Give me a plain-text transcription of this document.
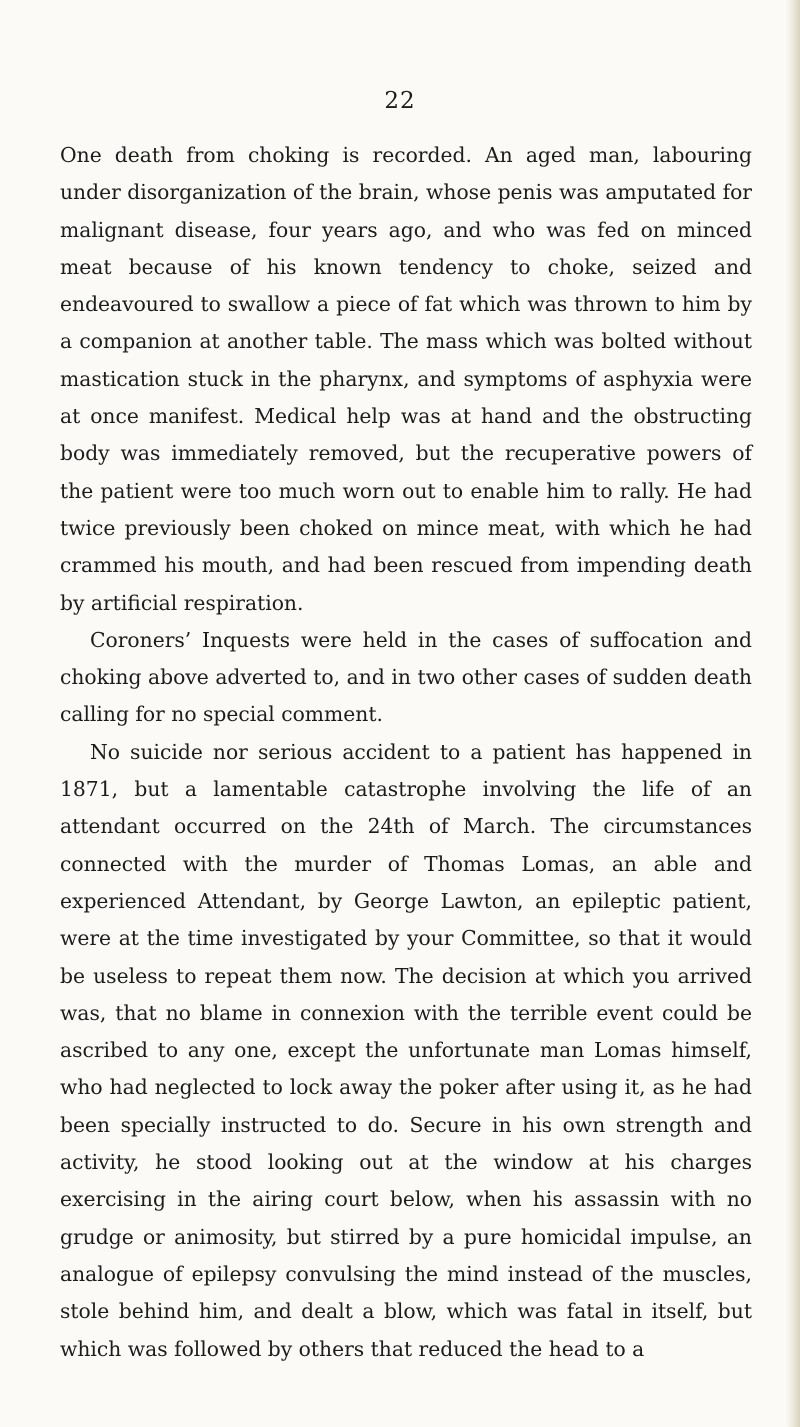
22

One death from choking is recorded. An aged man, labouring under disorganization of the brain, whose penis was amputated for malignant disease, four years ago, and who was fed on minced meat because of his known tendency to choke, seized and endeavoured to swallow a piece of fat which was thrown to him by a companion at another table. The mass which was bolted without mastication stuck in the pharynx, and symptoms of asphyxia were at once manifest. Medical help was at hand and the obstructing body was immediately removed, but the recuperative powers of the patient were too much worn out to enable him to rally. He had twice previously been choked on mince meat, with which he had crammed his mouth, and had been rescued from impending death by artificial respiration.

Coroners’ Inquests were held in the cases of suffocation and choking above adverted to, and in two other cases of sudden death calling for no special comment.

No suicide nor serious accident to a patient has happened in 1871, but a lamentable catastrophe involving the life of an attendant occurred on the 24th of March. The circumstances connected with the murder of Thomas Lomas, an able and experienced Attendant, by George Lawton, an epileptic patient, were at the time investigated by your Committee, so that it would be useless to repeat them now. The decision at which you arrived was, that no blame in connexion with the terrible event could be ascribed to any one, except the unfortunate man Lomas himself, who had neglected to lock away the poker after using it, as he had been specially instructed to do. Secure in his own strength and activity, he stood looking out at the window at his charges exercising in the airing court below, when his assassin with no grudge or animosity, but stirred by a pure homicidal impulse, an analogue of epilepsy convulsing the mind instead of the muscles, stole behind him, and dealt a blow, which was fatal in itself, but which was followed by others that reduced the head to a
